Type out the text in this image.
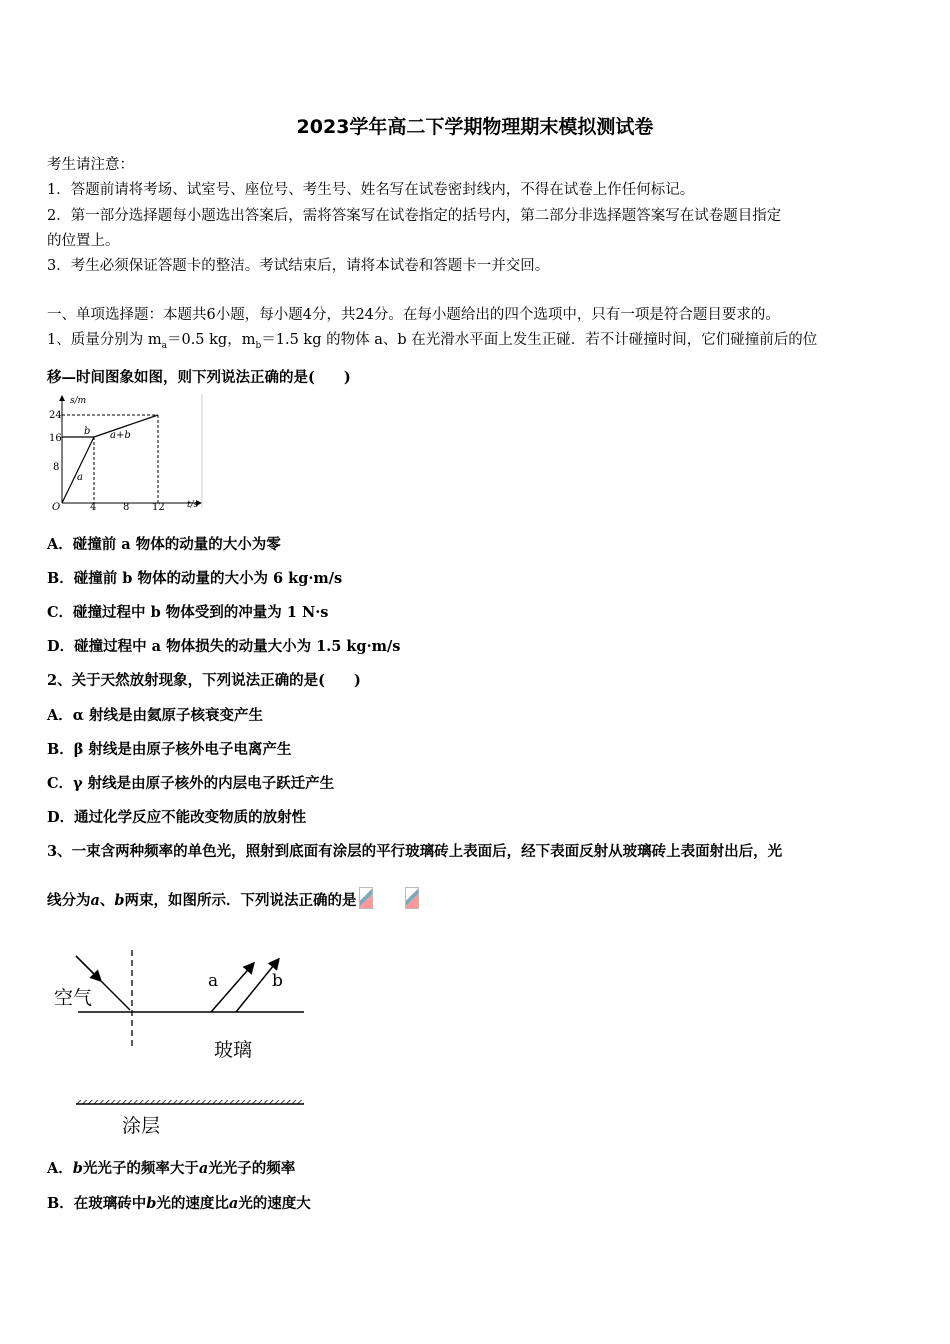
2023学年高二下学期物理期末模拟测试卷
考生请注意：
1．答题前请将考场、试室号、座位号、考生号、姓名写在试卷密封线内，不得在试卷上作任何标记。
2．第一部分选择题每小题选出答案后，需将答案写在试卷指定的括号内，第二部分非选择题答案写在试卷题目指定
的位置上。
3．考生必须保证答题卡的整洁。考试结束后，请将本试卷和答题卡一并交回。
一、单项选择题：本题共6小题，每小题4分，共24分。在每小题给出的四个选项中，只有一项是符合题目要求的。
1、质量分别为 $m_a=0.5$ kg，$m_b=1.5$ kg 的物体 a、b 在光滑水平面上发生正碰．若不计碰撞时间，它们碰撞前后的位
移—时间图象如图，则下列说法正确的是(　　)
s/m
t/s
O
24
16
8
4	8 12
a
b a+b
A．碰撞前 a 物体的动量的大小为零
B．碰撞前 b 物体的动量的大小为 6 kg·m/s
C．碰撞过程中 b 物体受到的冲量为 1 N·s
D．碰撞过程中 a 物体损失的动量大小为 1.5 kg·m/s
2、关于天然放射现象，下列说法正确的是(　　)
A．α 射线是由氦原子核衰变产生
B．β 射线是由原子核外电子电离产生
C．γ 射线是由原子核外的内层电子跃迁产生
D．通过化学反应不能改变物质的放射性
3、一束含两种频率的单色光，照射到底面有涂层的平行玻璃砖上表面后，经下表面反射从玻璃砖上表面射出后，光
线分为a、b两束，如图所示．下列说法正确的是
空气
玻璃
涂层
a	b
A．b光光子的频率大于a光光子的频率
B．在玻璃砖中b光的速度比a光的速度大
